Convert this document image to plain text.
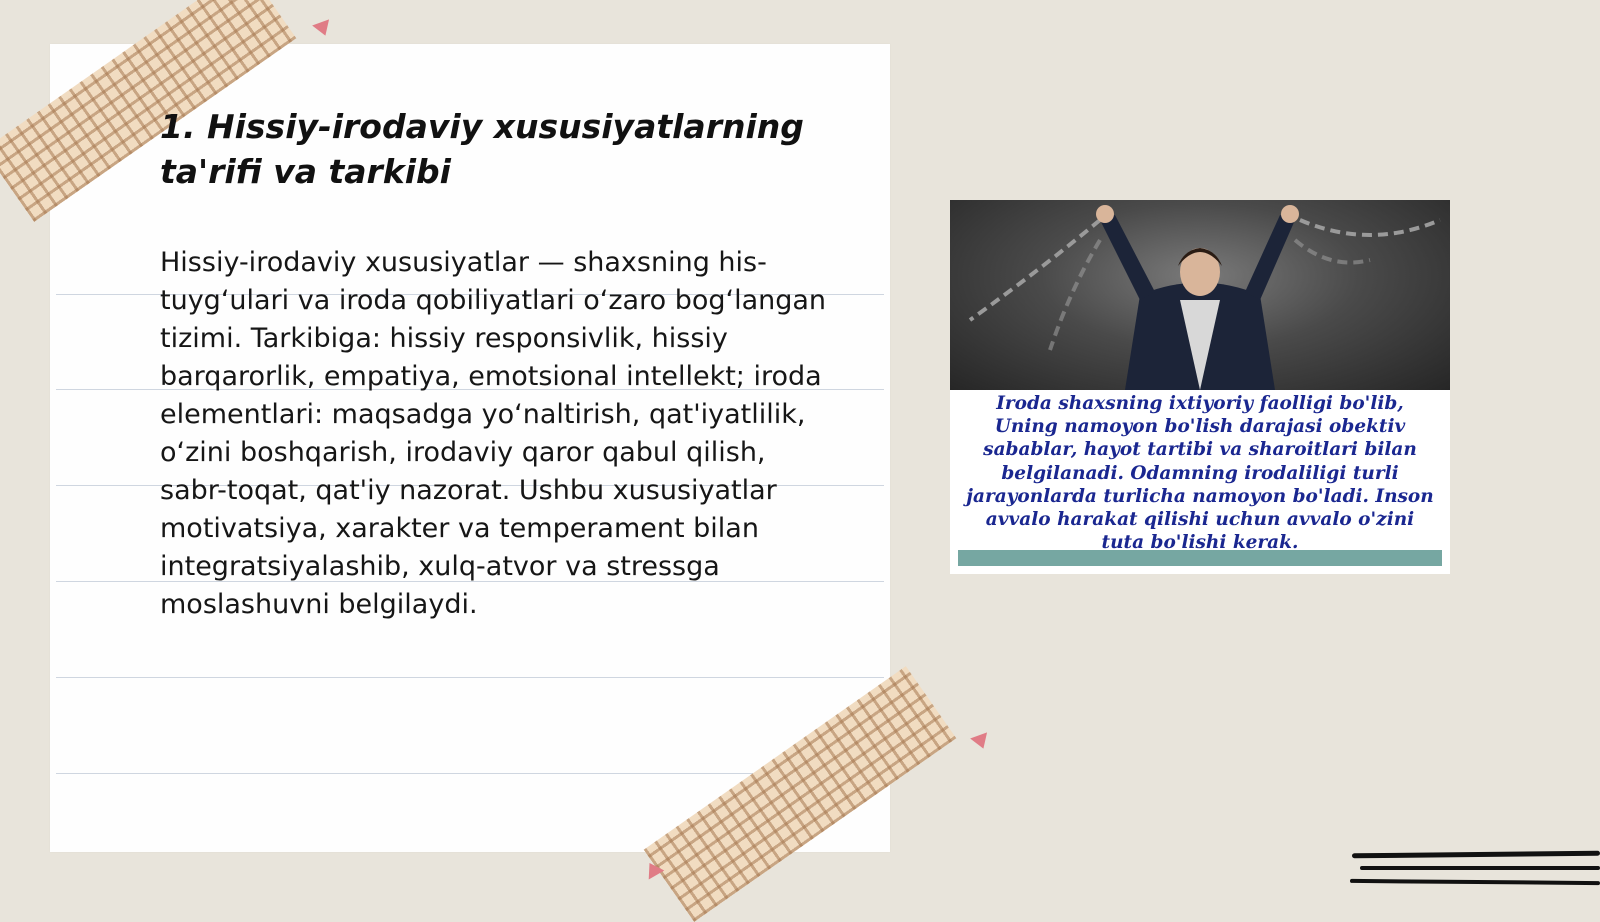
1. Hissiy-irodaviy xususiyatlarning ta'rifi va tarkibi

Hissiy-irodaviy xususiyatlar — shaxsning his-tuyg‘ulari va iroda qobiliyatlari o‘zaro bog‘langan tizimi. Tarkibiga: hissiy responsivlik, hissiy barqarorlik, empatiya, emotsional intellekt; iroda elementlari: maqsadga yo‘naltirish, qat'iyatlilik, o‘zini boshqarish, irodaviy qaror qabul qilish, sabr-toqat, qat'iy nazorat. Ushbu xususiyatlar motivatsiya, xarakter va temperament bilan integratsiyalashib, xulq-atvor va stressga moslashuvni belgilaydi.

Iroda shaxsning ixtiyoriy faolligi bo'lib, Uning namoyon bo'lish darajasi obektiv sabablar, hayot tartibi va sharoitlari bilan belgilanadi. Odamning irodaliligi turli jarayonlarda turlicha namoyon bo'ladi. Inson avvalo harakat qilishi uchun avvalo o'zini tuta bo'lishi kerak.
